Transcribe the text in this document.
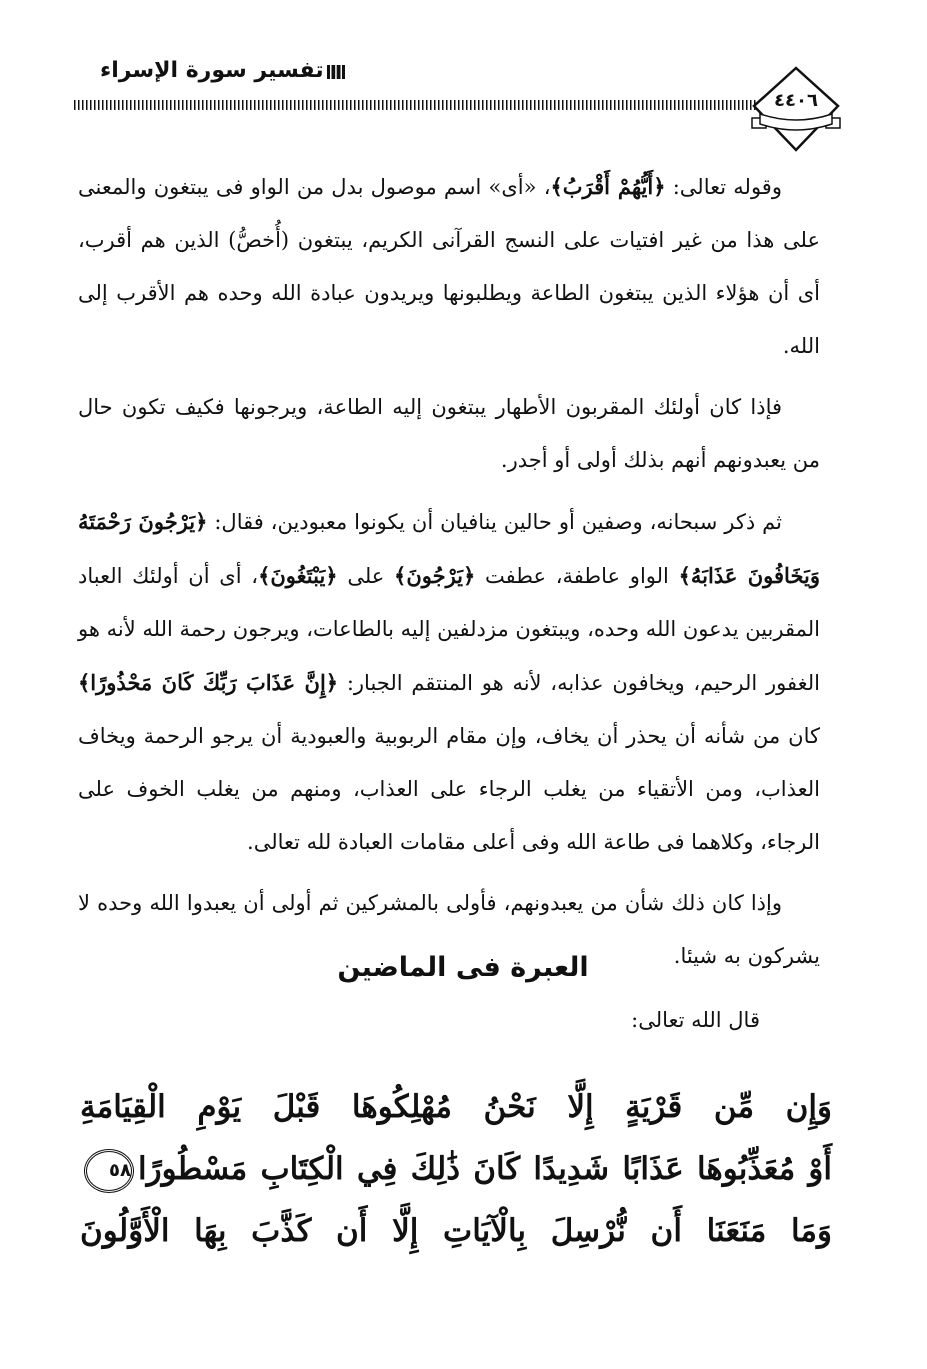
تفسير سورة الإسراء
٤٤٠٦

وقوله تعالى: ﴿أَيُّهُمْ أَقْرَبُ﴾، «أى» اسم موصول بدل من الواو فى يبتغون والمعنى على هذا من غير افتيات على النسج القرآنى الكريم، يبتغون (أُخصُّ) الذين هم أقرب، أى أن هؤلاء الذين يبتغون الطاعة ويطلبونها ويريدون عبادة الله وحده هم الأقرب إلى الله.

فإذا كان أولئك المقربون الأطهار يبتغون إليه الطاعة، ويرجونها فكيف تكون حال من يعبدونهم أنهم بذلك أولى أو أجدر.

ثم ذكر سبحانه، وصفين أو حالين ينافيان أن يكونوا معبودين، فقال: ﴿يَرْجُونَ رَحْمَتَهُ وَيَخَافُونَ عَذَابَهُ﴾ الواو عاطفة، عطفت ﴿يَرْجُونَ﴾ على ﴿يَبْتَغُونَ﴾، أى أن أولئك العباد المقربين يدعون الله وحده، ويبتغون مزدلفين إليه بالطاعات، ويرجون رحمة الله لأنه هو الغفور الرحيم، ويخافون عذابه، لأنه هو المنتقم الجبار: ﴿إِنَّ عَذَابَ رَبِّكَ كَانَ مَحْذُورًا﴾ كان من شأنه أن يحذر أن يخاف، وإن مقام الربوبية والعبودية أن يرجو الرحمة ويخاف العذاب، ومن الأتقياء من يغلب الرجاء على العذاب، ومنهم من يغلب الخوف على الرجاء، وكلاهما فى طاعة الله وفى أعلى مقامات العبادة لله تعالى.

وإذا كان ذلك شأن من يعبدونهم، فأولى بالمشركين ثم أولى أن يعبدوا الله وحده لا يشركون به شيئا.

العبرة فى الماضين
قال الله تعالى:
وَإِن مِّن قَرْيَةٍ إِلَّا نَحْنُ مُهْلِكُوهَا قَبْلَ يَوْمِ الْقِيَامَةِ
أَوْ مُعَذِّبُوهَا عَذَابًا شَدِيدًا كَانَ ذَٰلِكَ فِي الْكِتَابِ مَسْطُورًا٥٨
وَمَا مَنَعَنَا أَن نُّرْسِلَ بِالْآيَاتِ إِلَّا أَن كَذَّبَ بِهَا الْأَوَّلُونَ
